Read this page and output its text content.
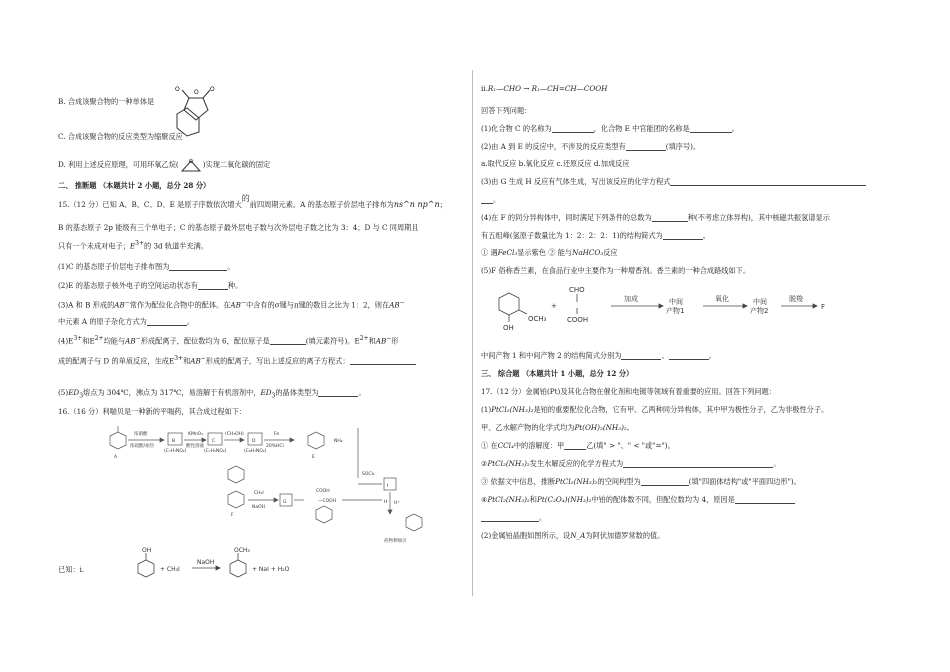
O	O
O
B. 合成该聚合物的一种单体是
C. 合成该聚合物的反应类型为缩聚反应
D. 利用上述反应原理，可用环氧乙烷( O )实现二氧化碳的固定
二、 推断题 （本题共计 2 小题，总分 28 分）
15.（12 分）已知 A、B、C、D、E 是原子序数依次增大的前四周期元素。A 的基态原子价层电子排布为ns^n np^n；
B 的基态原子 2p 能级有三个单电子；C 的基态原子最外层电子数与次外层电子数之比为 3：4；D 与 C 同周期且
只有一个未成对电子；$E^{3+}$的 3d 轨道半充满。
(1)C 的基态原子价层电子排布图为	。
(2)E 的基态原子核外电子的空间运动状态有	种。
(3)A 和 B 形成的AB−常作为配位化合物中的配体。在AB−中含有的σ键与π键的数目之比为 1：2，则在AB−
中元素 A 的原子杂化方式为	。
$(4)E^{3+}$和$E^{2+}$均能与AB−形成配离子，配位数均为 6，配位原子是	(填元素符号)。$E^{2+}$和AB−形
成的配离子与 D 的单质反应，生成$E^{3+}$和AB−形成的配离子，写出上述反应的离子方程式：
$(5)ED_3$熔点为 304℃，沸点为 317℃，易溶解于有机溶剂中，$ED_3$的晶体类型为	。
16.（16 分）利喘贝是一种新的平喘药，其合成过程如下：
A
浓硝酸
浓硫酸/加热
B
(C₇H₇NO₂)
KMnO₄
酸性溶液
C
(C₇H₅NO₄)
(CH₃OH)
D
(C₈H₇NO₄)
Fe
20%HCl
E
NH₂
SOCl₂
I
H⁺
F
CH₃I
NaOH
G
COOH
—COOH	H
药物利喘贝
已知：i.
OH	OCH₃
+ CH₃I
NaOH
+ NaI + H₂O
ii.R₁—CHO → R₁—CH=CH—COOH
回答下列问题：
(1)化合物 C 的名称为	，化合物 E 中官能团的名称是	。
(2)由 A 到 E 的反应中，不涉及的反应类型有	(填序号)。
a.取代反应 b.氧化反应 c.还原反应 d.加成反应
(3)由 G 生成 H 反应有气体生成，写出该反应的化学方程式
。
(4)在 F 的同分异构体中，同时满足下列条件的总数为	种(不考虑立体异构)，其中核磁共振氢谱显示
有五组峰(氢原子数量比为 1：2：2：2：1)的结构简式为	。
① 遇FeCl₃显示紫色 ② 能与NaHCO₃反应
(5)F 俗称香兰素，在食品行业中主要作为一种增香剂。香兰素的一种合成路线如下。
OH
OCH₃
+
CHO
COOH
加成	中间
产物1
氧化	中间
产物2
脱羧
F
中间产物 1 和中间产物 2 的结构简式分别为	、	。
三、 综合题 （本题共计 1 小题，总分 12 分）
17.（12 分）金属铂(Pt)及其化合物在催化剂和电镀等领域有着重要的应用。回答下列问题：
(1)PtCl₂(NH₃)₂是铂的重要配位化合物，它有甲、乙两种同分异构体，其中甲为极性分子，乙为非极性分子。
甲、乙水解产物的化学式均为Pt(OH)₂(NH₃)₂。
① 在CCl₄中的溶解度：甲	乙(填" > "、" < "或"=")。
②PtCl₂(NH₃)₂发生水解反应的化学方程式为	。
③ 依据文中信息，推断PtCl₂(NH₃)₂的空间构型为	(填"四面体结构"或"平面四边形")。
④PtCl₂(NH₃)₂和Pt(C₂O₄)(NH₃)₂中铂的配体数不同，但配位数均为 4，原因是
。
(2)金属铂晶胞如图所示，设N_A为阿伏加德罗常数的值。
